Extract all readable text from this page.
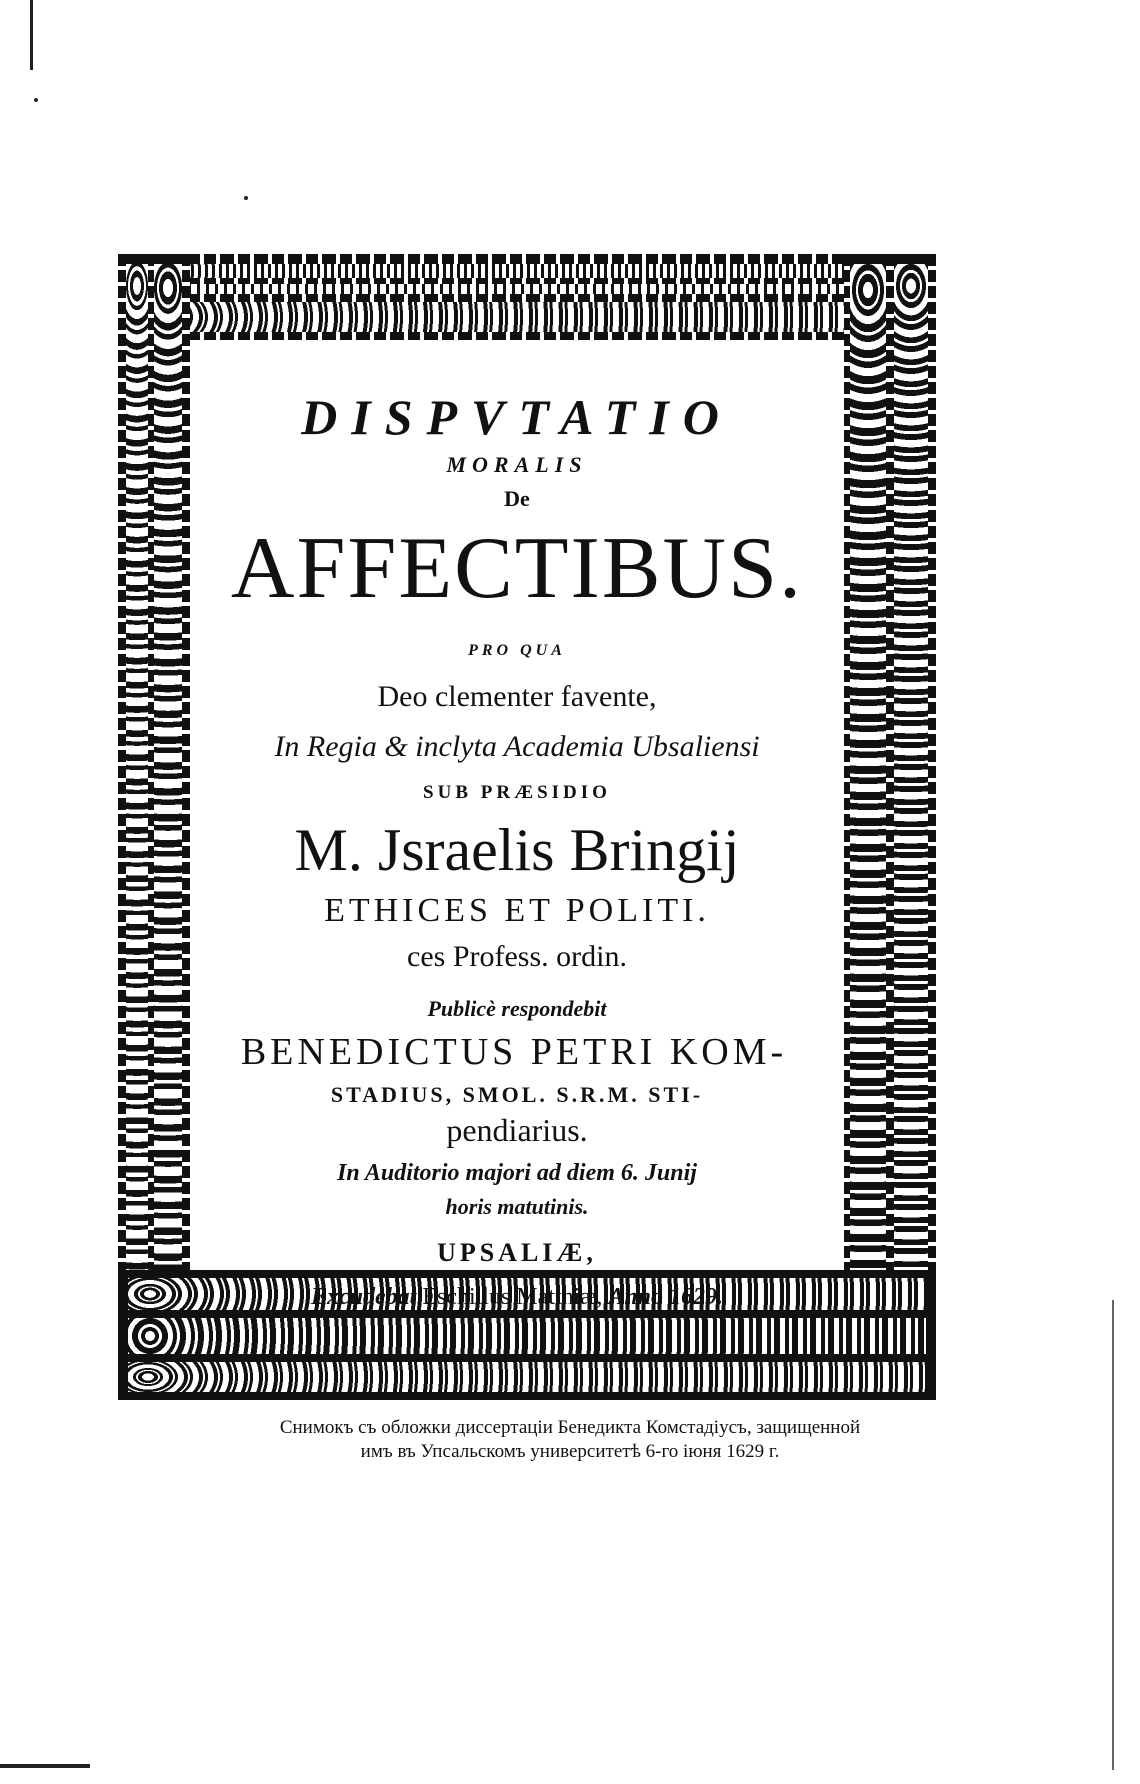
DISPVTATIO
MORALIS
De
AFFECTIBUS.
PRO QUA
Deo clementer favente,
In Regia & inclyta Academia Ubsaliensi
SUB PRÆSIDIO
M. Jsraelis Bringij
ETHICES ET POLITI.
ces Profess. ordin.
Publicè respondebit
BENEDICTUS PETRI KOM-
STADIUS, SMOL. S.R.M. STI-
pendiarius.
In Auditorio majori ad diem 6. Junij
horis matutinis.
UPSALIÆ,
Excudebat Eschillus Matthiæ, Anno 1629.
Снимокъ съ обложки диссертаціи Бенедикта Комстадіусъ, защищенной
имъ въ Упсальскомъ университетѣ 6-го іюня 1629 г.
